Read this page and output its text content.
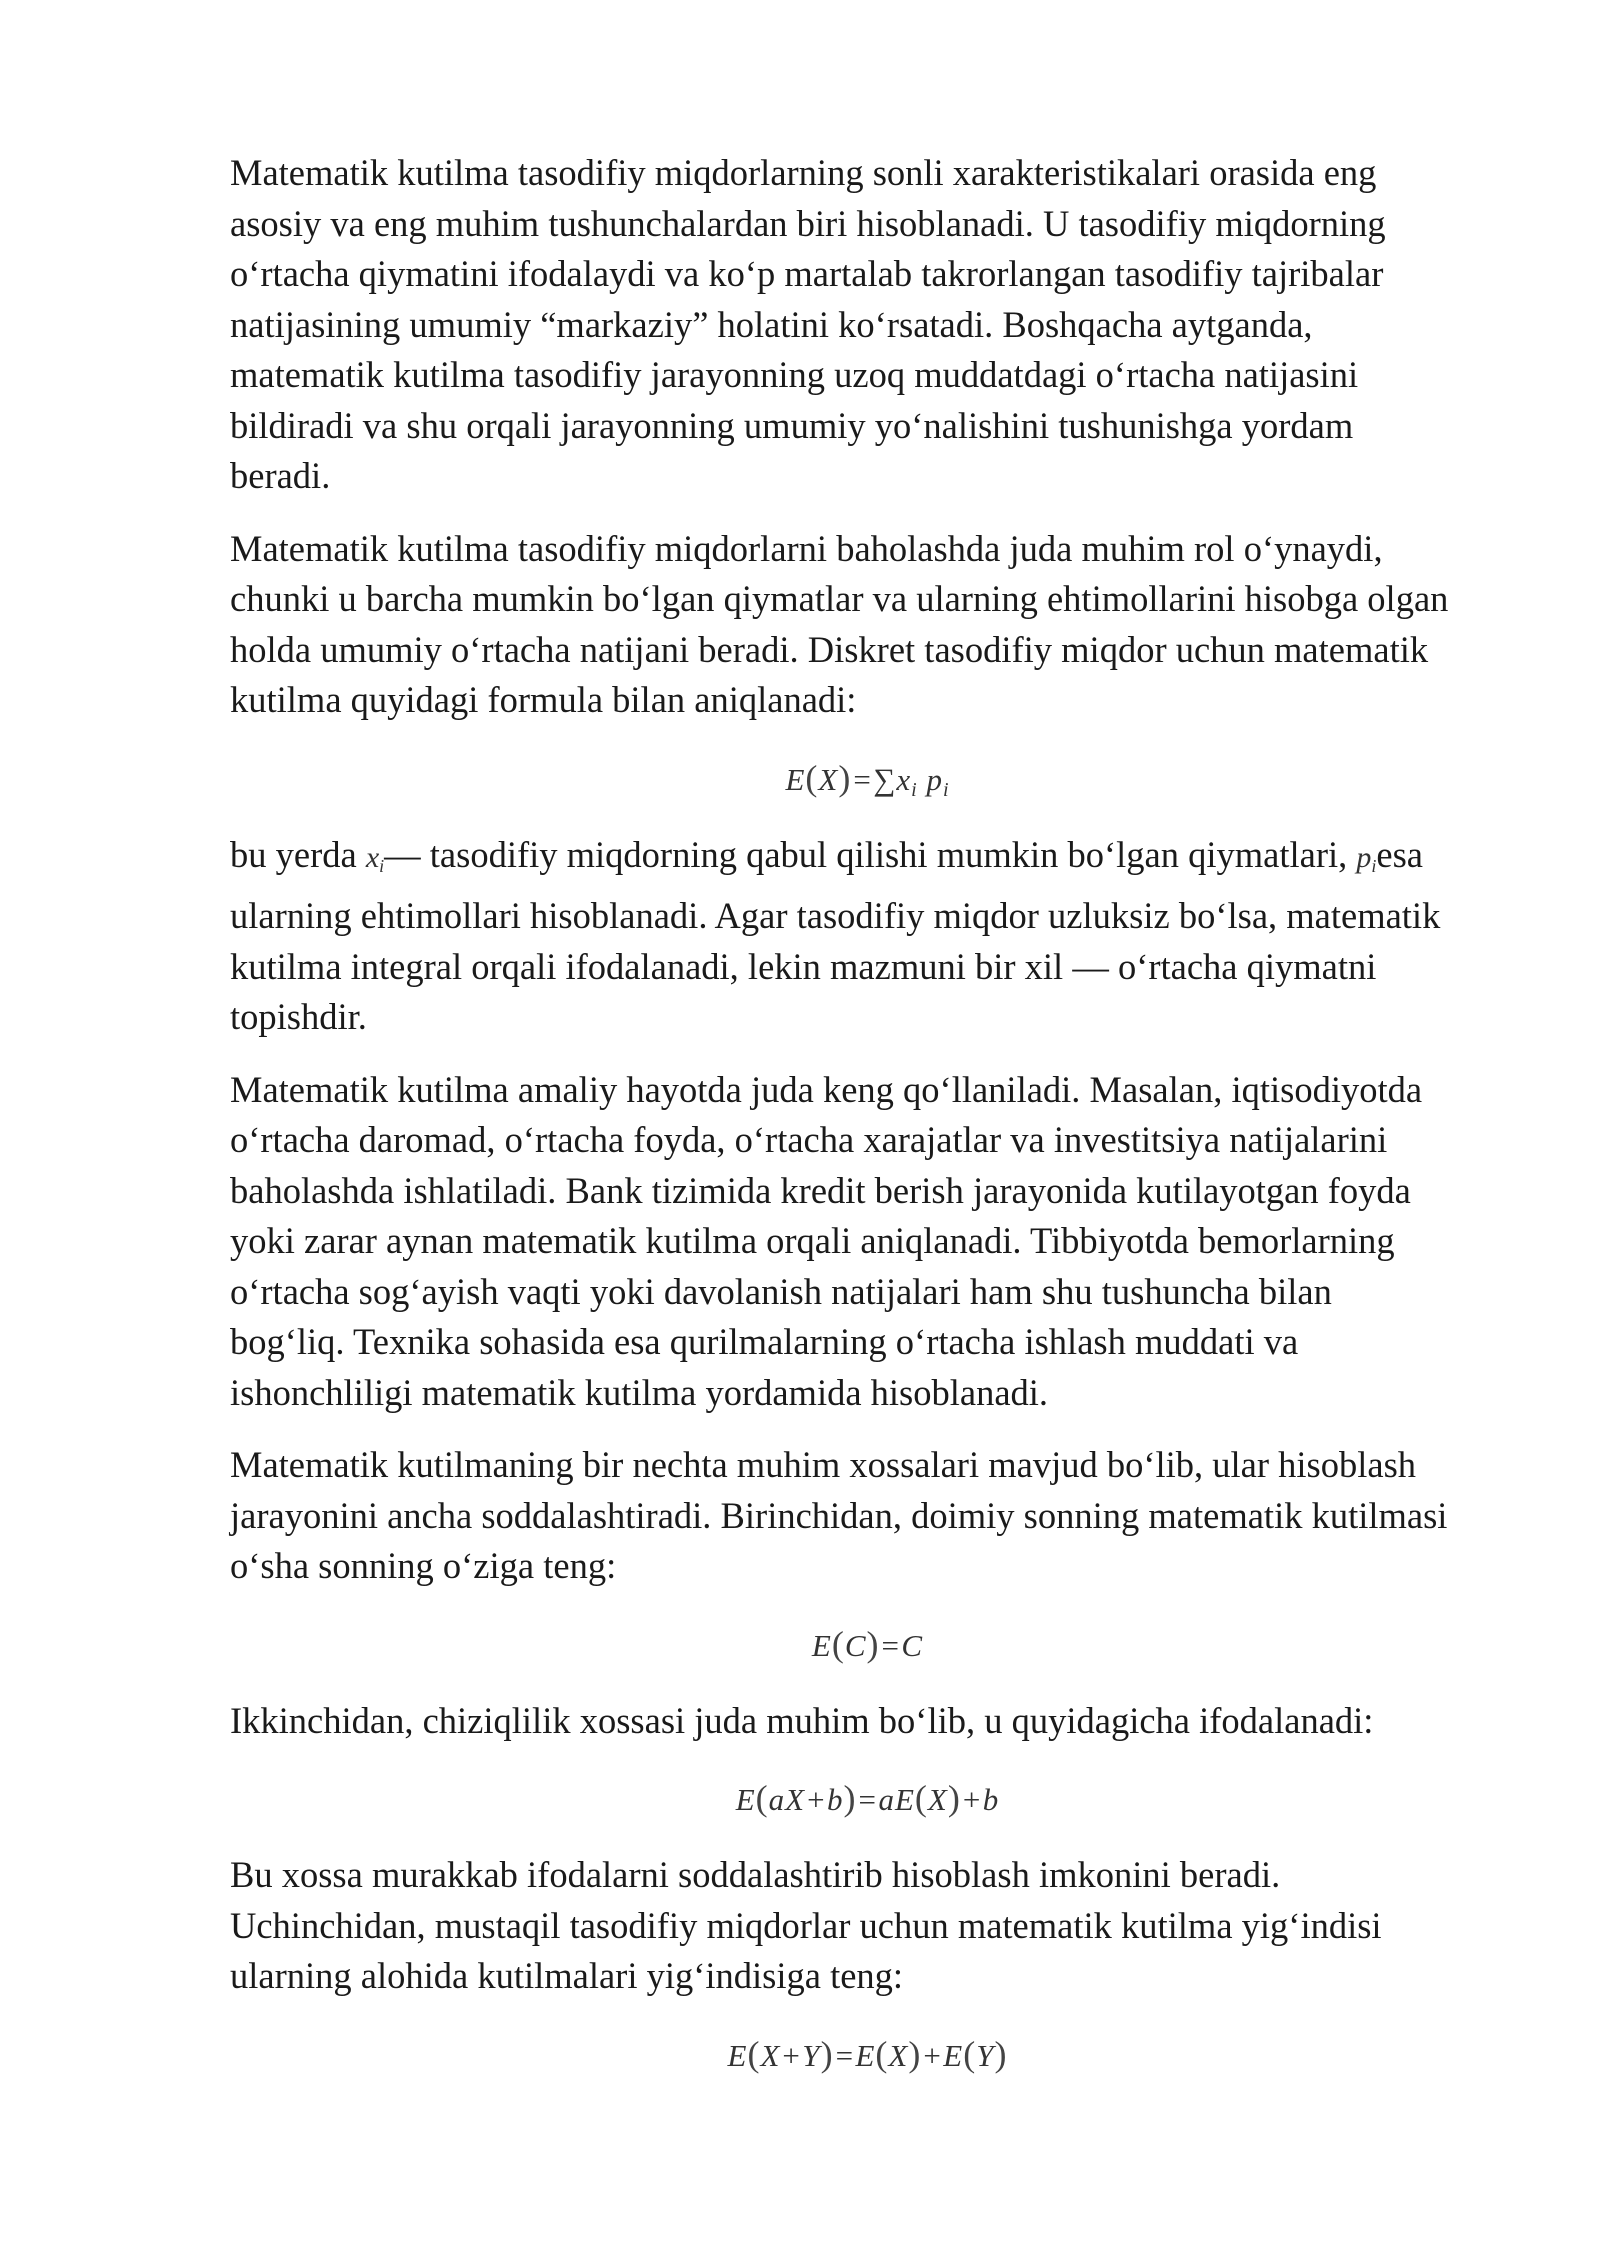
Matematik kutilma tasodifiy miqdorlarning sonli xarakteristikalari orasida eng
asosiy va eng muhim tushunchalardan biri hisoblanadi. U tasodifiy miqdorning
o‘rtacha qiymatini ifodalaydi va ko‘p martalab takrorlangan tasodifiy tajribalar
natijasining umumiy “markaziy” holatini ko‘rsatadi. Boshqacha aytganda,
matematik kutilma tasodifiy jarayonning uzoq muddatdagi o‘rtacha natijasini
bildiradi va shu orqali jarayonning umumiy yo‘nalishini tushunishga yordam
beradi.

Matematik kutilma tasodifiy miqdorlarni baholashda juda muhim rol o‘ynaydi,
chunki u barcha mumkin bo‘lgan qiymatlar va ularning ehtimollarini hisobga olgan
holda umumiy o‘rtacha natijani beradi. Diskret tasodifiy miqdor uchun matematik
kutilma quyidagi formula bilan aniqlanadi:

$E(X)=\sum x_i$ $p_i$

bu yerda $x_i—$ tasodifiy miqdorning qabul qilishi mumkin bo‘lgan qiymatlari, $p_iesa$
ularning ehtimollari hisoblanadi. Agar tasodifiy miqdor uzluksiz bo‘lsa, matematik
kutilma integral orqali ifodalanadi, lekin mazmuni bir xil — o‘rtacha qiymatni
topishdir.

Matematik kutilma amaliy hayotda juda keng qo‘llaniladi. Masalan, iqtisodiyotda
o‘rtacha daromad, o‘rtacha foyda, o‘rtacha xarajatlar va investitsiya natijalarini
baholashda ishlatiladi. Bank tizimida kredit berish jarayonida kutilayotgan foyda
yoki zarar aynan matematik kutilma orqali aniqlanadi. Tibbiyotda bemorlarning
o‘rtacha sog‘ayish vaqti yoki davolanish natijalari ham shu tushuncha bilan
bog‘liq. Texnika sohasida esa qurilmalarning o‘rtacha ishlash muddati va
ishonchliligi matematik kutilma yordamida hisoblanadi.

Matematik kutilmaning bir nechta muhim xossalari mavjud bo‘lib, ular hisoblash
jarayonini ancha soddalashtiradi. Birinchidan, doimiy sonning matematik kutilmasi
o‘sha sonning o‘ziga teng:

E(C)=C

Ikkinchidan, chiziqlilik xossasi juda muhim bo‘lib, u quyidagicha ifodalanadi:

E(aX+b)=aE(X)+b

Bu xossa murakkab ifodalarni soddalashtirib hisoblash imkonini beradi.
Uchinchidan, mustaqil tasodifiy miqdorlar uchun matematik kutilma yig‘indisi
ularning alohida kutilmalari yig‘indisiga teng:

E(X+Y)=E(X)+E(Y)
